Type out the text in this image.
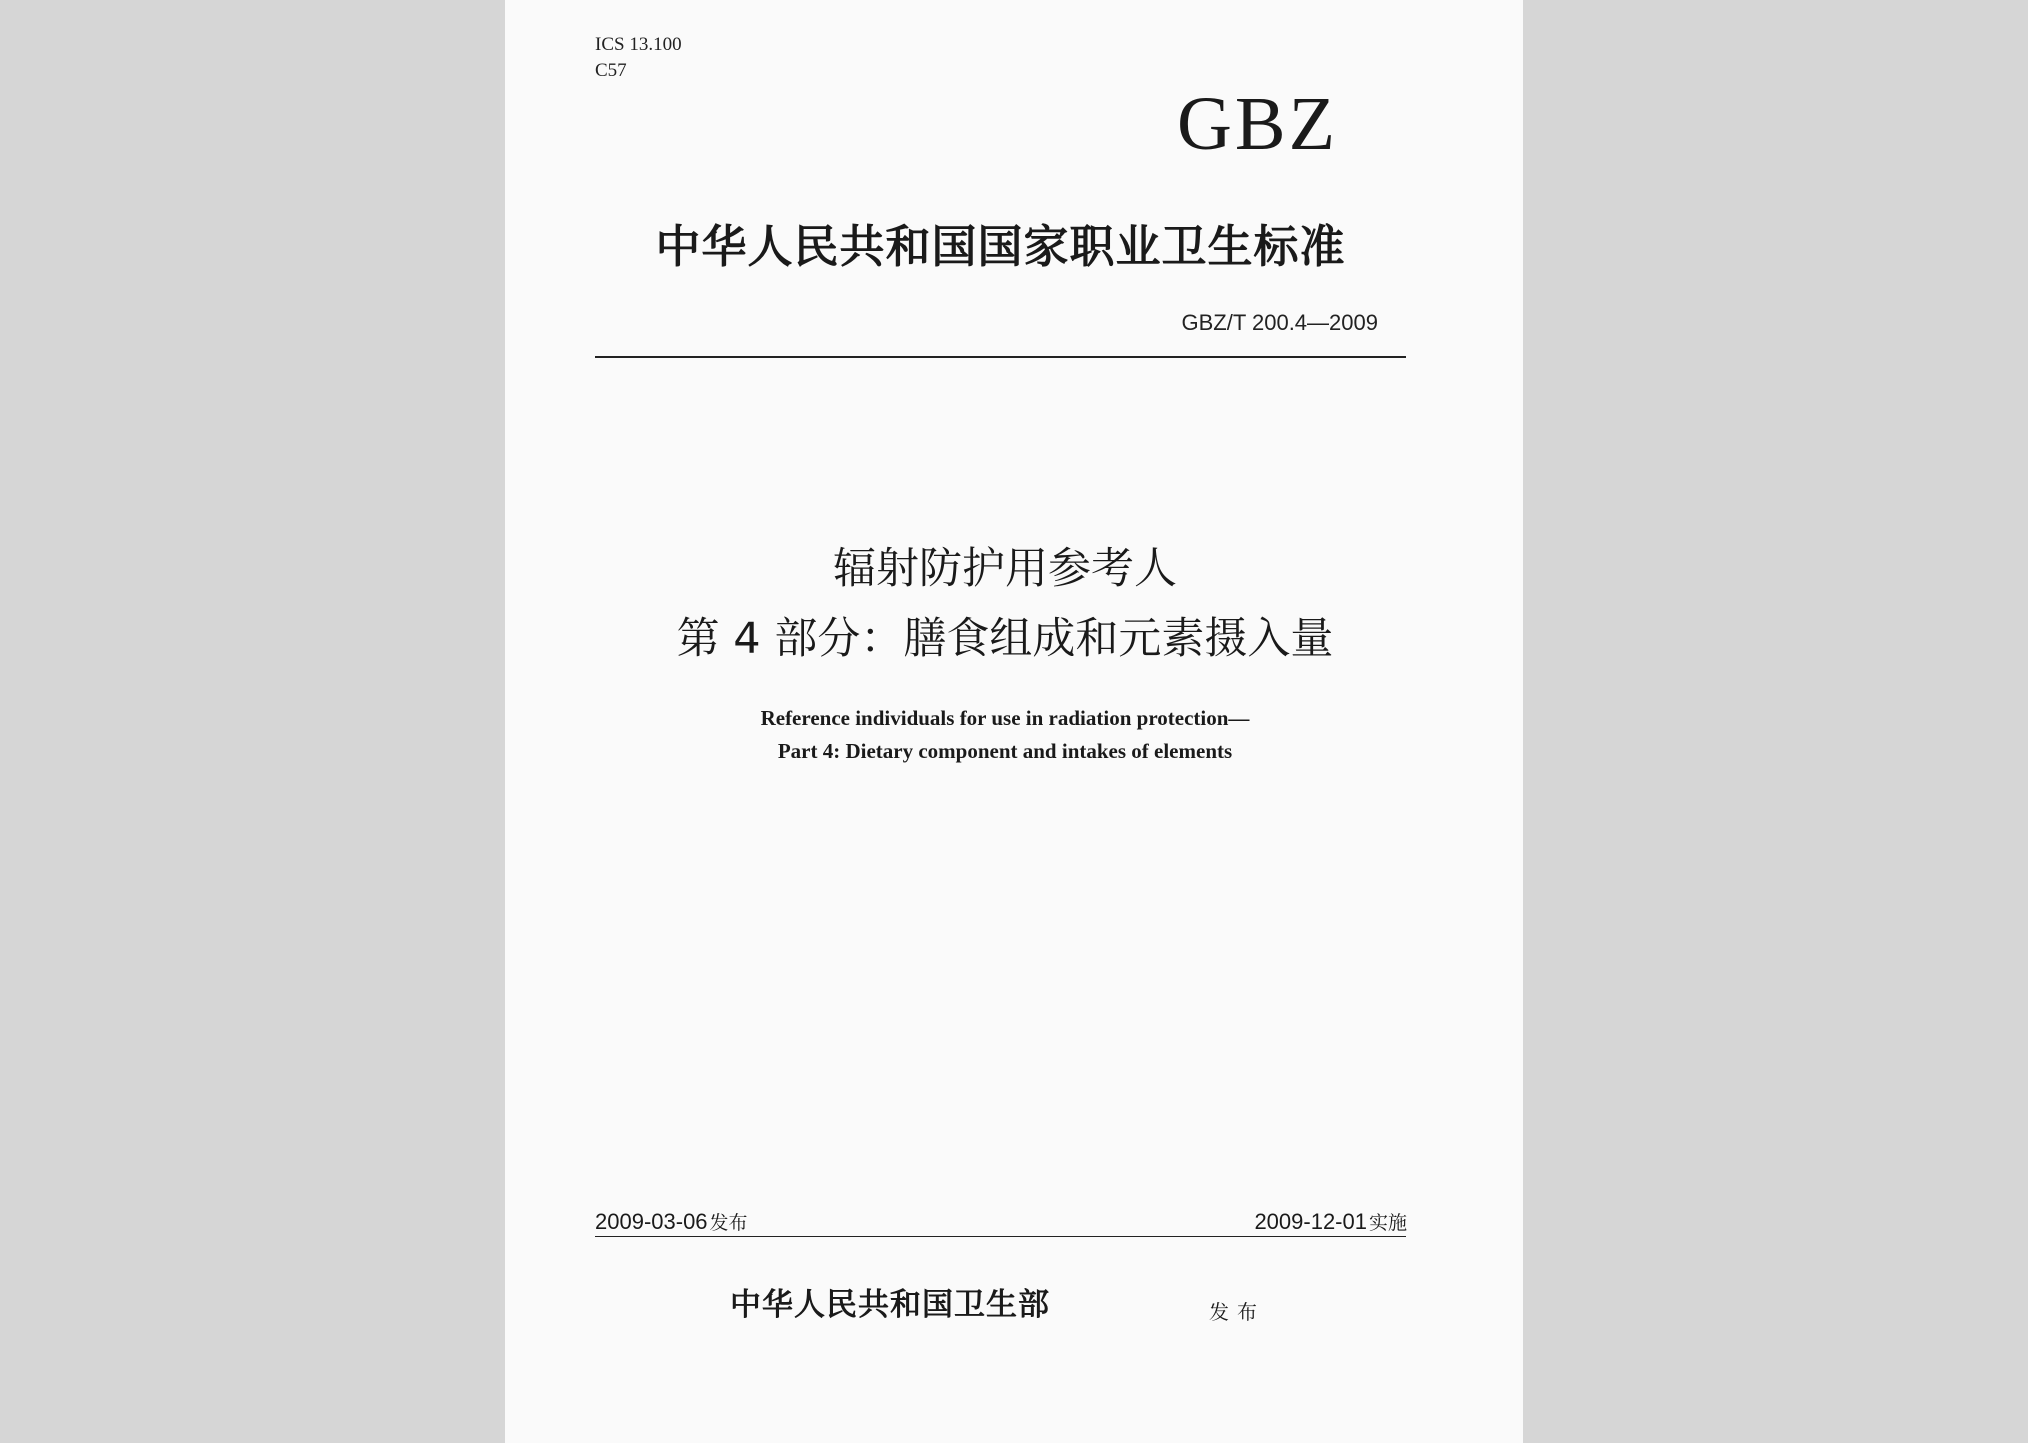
ICS 13.100
C57
GBZ
中华人民共和国国家职业卫生标准
GBZ/T 200.4—2009
辐射防护用参考人
第 4 部分：膳食组成和元素摄入量
Reference individuals for use in radiation protection—
Part 4: Dietary component and intakes of elements
2009-03-06 发布	2009-12-01 实施
中华人民共和国卫生部	发布
